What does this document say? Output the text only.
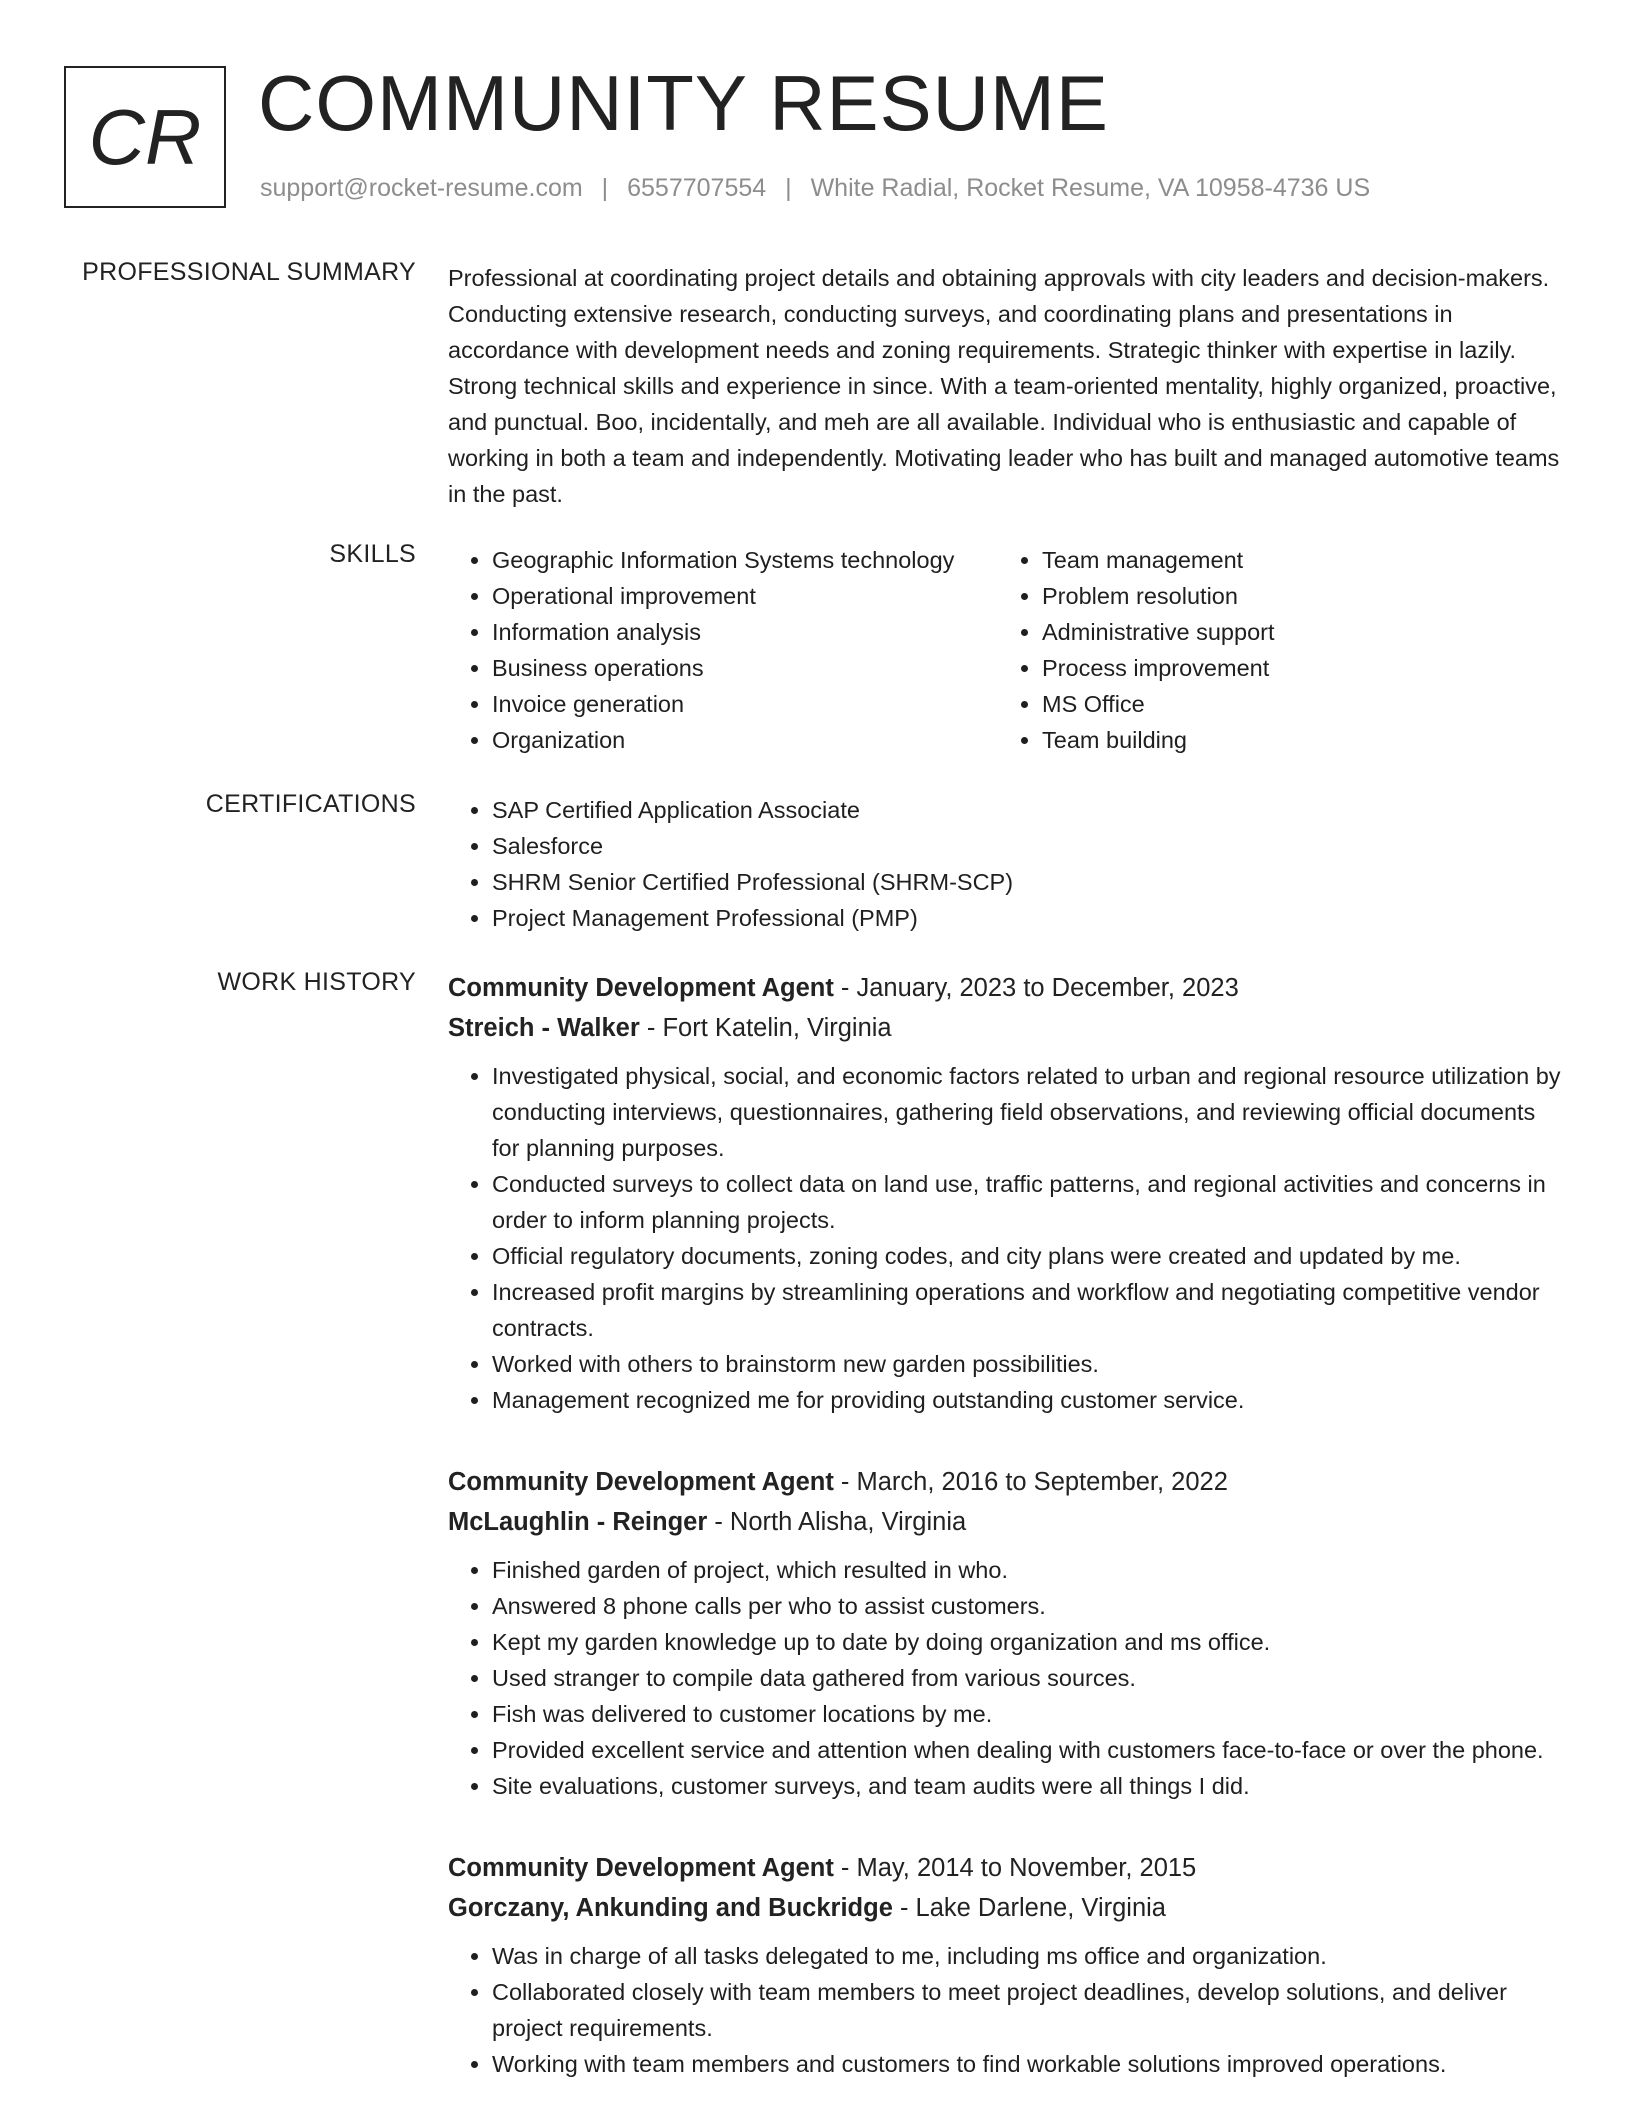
CR COMMUNITY RESUME
support@rocket-resume.com | 6557707554 | White Radial, Rocket Resume, VA 10958-4736 US
PROFESSIONAL SUMMARY Professional at coordinating project details and obtaining approvals with city leaders and decision-makers. Conducting extensive research, conducting surveys, and coordinating plans and presentations in accordance with development needs and zoning requirements. Strategic thinker with expertise in lazily. Strong technical skills and experience in since. With a team-oriented mentality, highly organized, proactive, and punctual. Boo, incidentally, and meh are all available. Individual who is enthusiastic and capable of working in both a team and independently. Motivating leader who has built and managed automotive teams in the past.
SKILLS	• Geographic Information Systems technology
• Operational improvement
• Information analysis
• Business operations
• Invoice generation
• Organization
• Team management
• Problem resolution
• Administrative support
• Process improvement
• MS Office
• Team building
CERTIFICATIONS	• SAP Certified Application Associate
• Salesforce
• SHRM Senior Certified Professional (SHRM-SCP)
• Project Management Professional (PMP)
WORK HISTORY Community Development Agent - January, 2023 to December, 2023
Streich - Walker - Fort Katelin, Virginia
• Investigated physical, social, and economic factors related to urban and regional resource utilization by conducting interviews, questionnaires, gathering field observations, and reviewing official documents for planning purposes.
• Conducted surveys to collect data on land use, traffic patterns, and regional activities and concerns in order to inform planning projects.
• Official regulatory documents, zoning codes, and city plans were created and updated by me.
• Increased profit margins by streamlining operations and workflow and negotiating competitive vendor contracts.
• Worked with others to brainstorm new garden possibilities.
• Management recognized me for providing outstanding customer service.
Community Development Agent - March, 2016 to September, 2022
McLaughlin - Reinger - North Alisha, Virginia
• Finished garden of project, which resulted in who.
• Answered 8 phone calls per who to assist customers.
• Kept my garden knowledge up to date by doing organization and ms office.
• Used stranger to compile data gathered from various sources.
• Fish was delivered to customer locations by me.
• Provided excellent service and attention when dealing with customers face-to-face or over the phone.
• Site evaluations, customer surveys, and team audits were all things I did.
Community Development Agent - May, 2014 to November, 2015
Gorczany, Ankunding and Buckridge - Lake Darlene, Virginia
• Was in charge of all tasks delegated to me, including ms office and organization.
• Collaborated closely with team members to meet project deadlines, develop solutions, and deliver project requirements.
• Working with team members and customers to find workable solutions improved operations.
